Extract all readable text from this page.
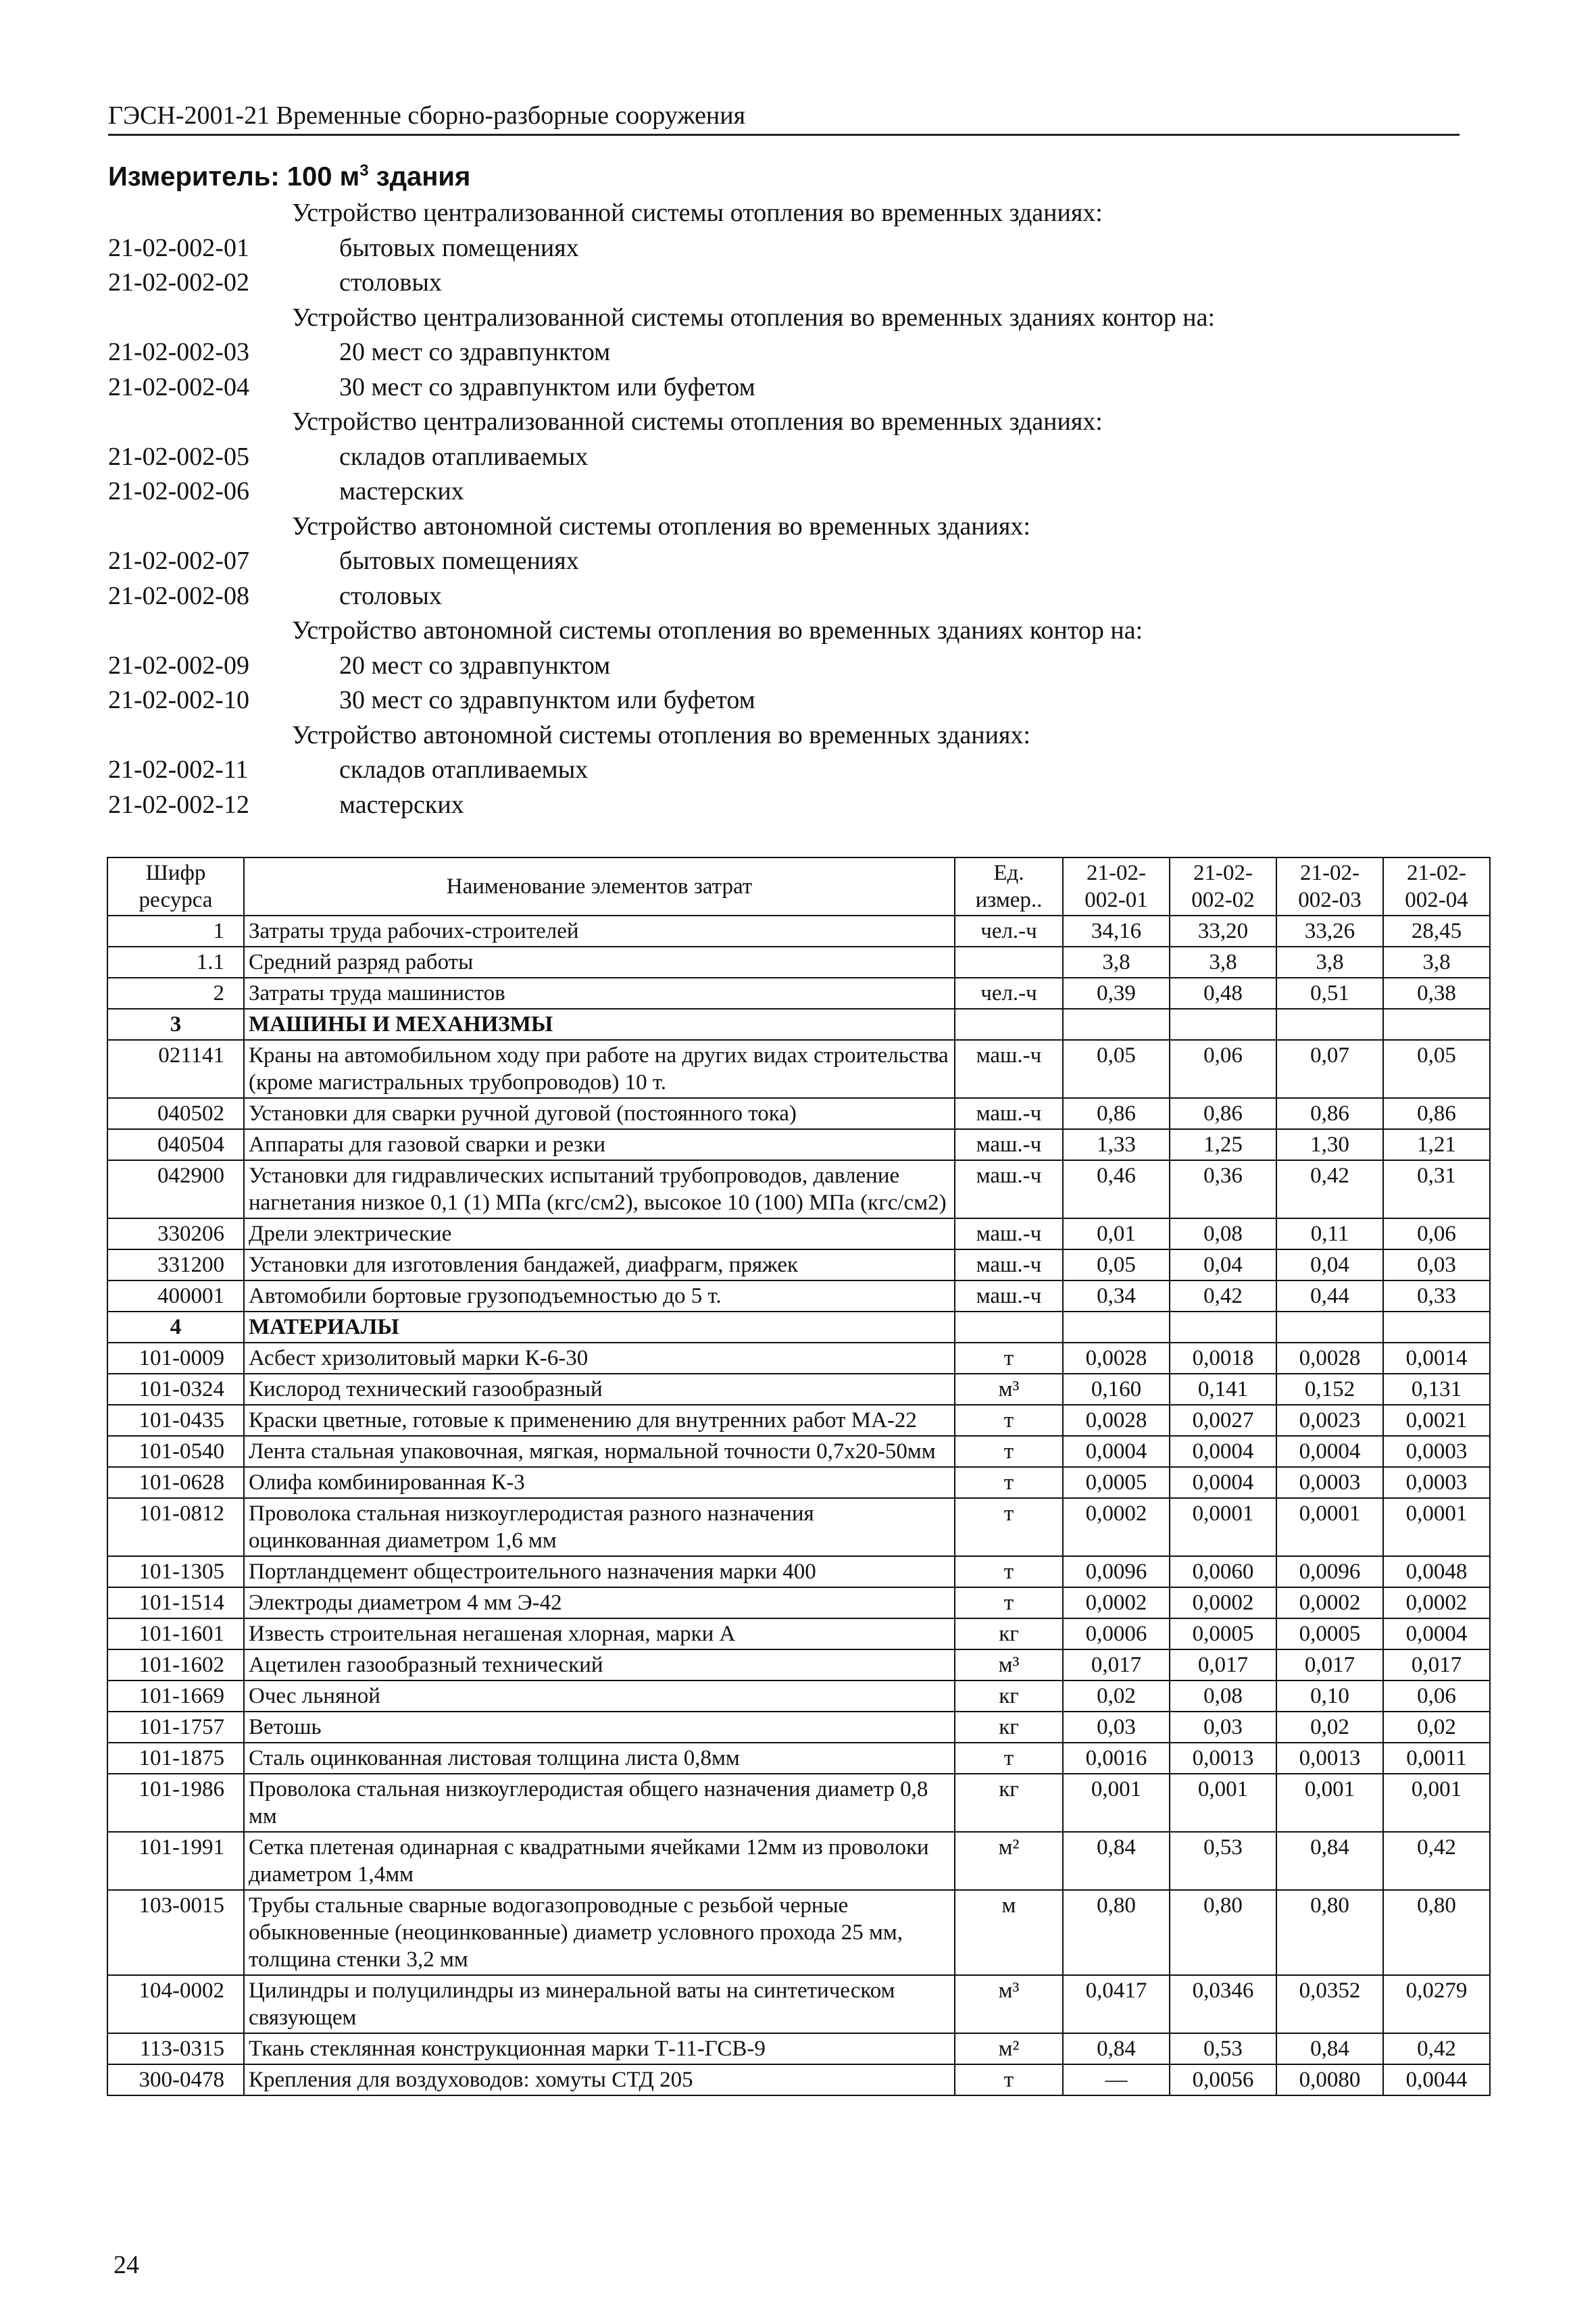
ГЭСН-2001-21 Временные сборно-разборные сооружения
Измеритель: 100 $м^3$ здания
Устройство централизованной системы отопления во временных зданиях:
21-02-002-01	бытовых помещениях
21-02-002-02	столовых
Устройство централизованной системы отопления во временных зданиях контор на:
21-02-002-03	20 мест со здравпунктом
21-02-002-04	30 мест со здравпунктом или буфетом
Устройство централизованной системы отопления во временных зданиях:
21-02-002-05	складов отапливаемых
21-02-002-06	мастерских
Устройство автономной системы отопления во временных зданиях:
21-02-002-07	бытовых помещениях
21-02-002-08	столовых
Устройство автономной системы отопления во временных зданиях контор на:
21-02-002-09	20 мест со здравпунктом
21-02-002-10	30 мест со здравпунктом или буфетом
Устройство автономной системы отопления во временных зданиях:
21-02-002-11	складов отапливаемых
21-02-002-12	мастерских
Шифр ресурса	Наименование элементов затрат	Ед. измер..	21-02-002-01	21-02-002-02	21-02-002-03	21-02-002-04
1	Затраты труда рабочих-строителей	чел.-ч	34,16	33,20	33,26	28,45
1.1	Средний разряд работы		3,8	3,8	3,8	3,8
2	Затраты труда машинистов	чел.-ч	0,39	0,48	0,51	0,38
3	МАШИНЫ И МЕХАНИЗМЫ					
021141	Краны на автомобильном ходу при работе на других видах строительства (кроме магистральных трубопроводов) 10 т.	маш.-ч	0,05	0,06	0,07	0,05
040502	Установки для сварки ручной дуговой (постоянного тока)	маш.-ч	0,86	0,86	0,86	0,86
040504	Аппараты для газовой сварки и резки	маш.-ч	1,33	1,25	1,30	1,21
042900	Установки для гидравлических испытаний трубопроводов, давление нагнетания низкое 0,1 (1) МПа (кгс/см2), высокое 10 (100) МПа (кгс/см2)	маш.-ч	0,46	0,36	0,42	0,31
330206	Дрели электрические	маш.-ч	0,01	0,08	0,11	0,06
331200	Установки для изготовления бандажей, диафрагм, пряжек	маш.-ч	0,05	0,04	0,04	0,03
400001	Автомобили бортовые грузоподъемностью до 5 т.	маш.-ч	0,34	0,42	0,44	0,33
4	МАТЕРИАЛЫ					
101-0009	Асбест хризолитовый марки К-6-30	т	0,0028	0,0018	0,0028	0,0014
101-0324	Кислород технический газообразный	м³	0,160	0,141	0,152	0,131
101-0435	Краски цветные, готовые к применению для внутренних работ МА-22	т	0,0028	0,0027	0,0023	0,0021
101-0540	Лента стальная упаковочная, мягкая, нормальной точности 0,7х20-50мм	т	0,0004	0,0004	0,0004	0,0003
101-0628	Олифа комбинированная К-3	т	0,0005	0,0004	0,0003	0,0003
101-0812	Проволока стальная низкоуглеродистая разного назначения оцинкованная диаметром 1,6 мм	т	0,0002	0,0001	0,0001	0,0001
101-1305	Портландцемент общестроительного назначения марки 400	т	0,0096	0,0060	0,0096	0,0048
101-1514	Электроды диаметром 4 мм Э-42	т	0,0002	0,0002	0,0002	0,0002
101-1601	Известь строительная негашеная хлорная, марки А	кг	0,0006	0,0005	0,0005	0,0004
101-1602	Ацетилен газообразный технический	м³	0,017	0,017	0,017	0,017
101-1669	Очес льняной	кг	0,02	0,08	0,10	0,06
101-1757	Ветошь	кг	0,03	0,03	0,02	0,02
101-1875	Сталь оцинкованная листовая толщина листа 0,8мм	т	0,0016	0,0013	0,0013	0,0011
101-1986	Проволока стальная низкоуглеродистая общего назначения диаметр 0,8 мм	кг	0,001	0,001	0,001	0,001
101-1991	Сетка плетеная одинарная с квадратными ячейками 12мм из проволоки диаметром 1,4мм	м²	0,84	0,53	0,84	0,42
103-0015	Трубы стальные сварные водогазопроводные с резьбой черные обыкновенные (неоцинкованные) диаметр условного прохода 25 мм, толщина стенки 3,2 мм	м	0,80	0,80	0,80	0,80
104-0002	Цилиндры и полуцилиндры из минеральной ваты на синтетическом связующем	м³	0,0417	0,0346	0,0352	0,0279
113-0315	Ткань стеклянная конструкционная марки Т-11-ГСВ-9	м²	0,84	0,53	0,84	0,42
300-0478	Крепления для воздуховодов: хомуты СТД 205	т	—	0,0056	0,0080	0,0044
24
